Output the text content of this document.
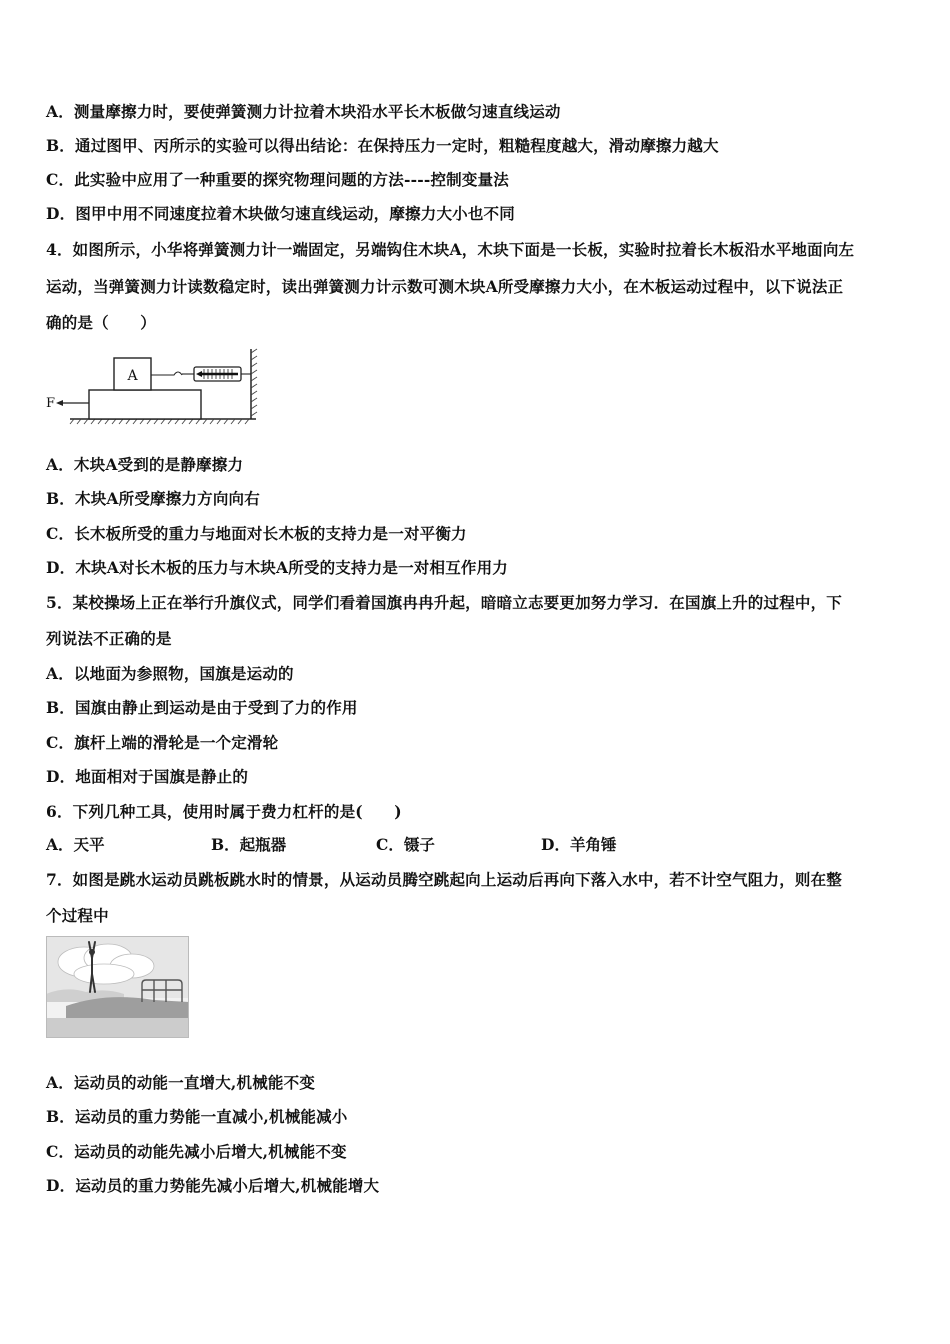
A．测量摩擦力时，要使弹簧测力计拉着木块沿水平长木板做匀速直线运动
B．通过图甲、丙所示的实验可以得出结论：在保持压力一定时，粗糙程度越大，滑动摩擦力越大
C．此实验中应用了一种重要的探究物理问题的方法----控制变量法
D．图甲中用不同速度拉着木块做匀速直线运动，摩擦力大小也不同
4．如图所示，小华将弹簧测力计一端固定，另端钩住木块A，木块下面是一长板，实验时拉着长木板沿水平地面向左
运动，当弹簧测力计读数稳定时，读出弹簧测力计示数可测木块A所受摩擦力大小，在木板运动过程中，以下说法正
确的是（　　）
A
F
A．木块A受到的是静摩擦力
B．木块A所受摩擦力方向向右
C．长木板所受的重力与地面对长木板的支持力是一对平衡力
D．木块A对长木板的压力与木块A所受的支持力是一对相互作用力
5．某校操场上正在举行升旗仪式，同学们看着国旗冉冉升起，暗暗立志要更加努力学习．在国旗上升的过程中，下
列说法不正确的是
A．以地面为参照物，国旗是运动的
B．国旗由静止到运动是由于受到了力的作用
C．旗杆上端的滑轮是一个定滑轮
D．地面相对于国旗是静止的
6．下列几种工具，使用时属于费力杠杆的是(　　)
A．天平	B．起瓶器	C．镊子	D．羊角锤
7．如图是跳水运动员跳板跳水时的情景，从运动员腾空跳起向上运动后再向下落入水中，若不计空气阻力，则在整
个过程中
A．运动员的动能一直增大,机械能不变
B．运动员的重力势能一直减小,机械能减小
C．运动员的动能先减小后增大,机械能不变
D．运动员的重力势能先减小后增大,机械能增大
